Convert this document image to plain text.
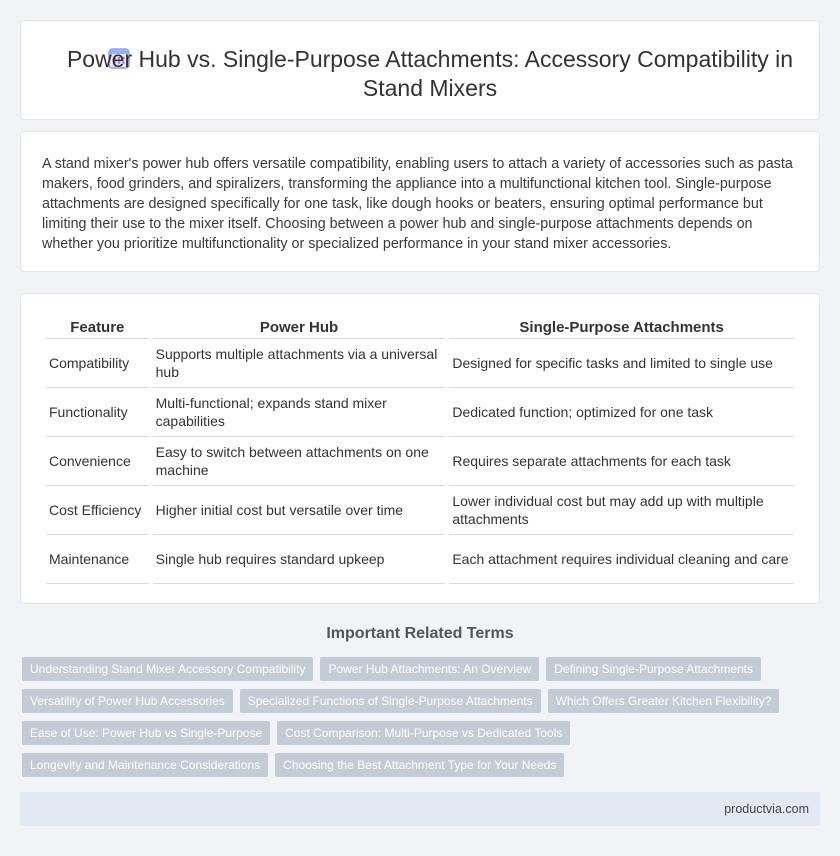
Power Hub vs. Single-Purpose Attachments: Accessory Compatibility in Stand Mixers

A stand mixer's power hub offers versatile compatibility, enabling users to attach a variety of accessories such as pasta makers, food grinders, and spiralizers, transforming the appliance into a multifunctional kitchen tool. Single-purpose attachments are designed specifically for one task, like dough hooks or beaters, ensuring optimal performance but limiting their use to the mixer itself. Choosing between a power hub and single-purpose attachments depends on whether you prioritize multifunctionality or specialized performance in your stand mixer accessories.

Feature	Power Hub	Single-Purpose Attachments
Compatibility	Supports multiple attachments via a universal hub	Designed for specific tasks and limited to single use
Functionality	Multi-functional; expands stand mixer capabilities	Dedicated function; optimized for one task
Convenience	Easy to switch between attachments on one machine	Requires separate attachments for each task
Cost Efficiency	Higher initial cost but versatile over time	Lower individual cost but may add up with multiple attachments
Maintenance	Single hub requires standard upkeep	Each attachment requires individual cleaning and care
Important Related Terms
Understanding Stand Mixer Accessory Compatibility	Power Hub Attachments: An Overview	Defining Single-Purpose Attachments
Versatility of Power Hub Accessories	Specialized Functions of Single-Purpose Attachments	Which Offers Greater Kitchen Flexibility?
Ease of Use: Power Hub vs Single-Purpose	Cost Comparison: Multi-Purpose vs Dedicated Tools
Longevity and Maintenance Considerations	Choosing the Best Attachment Type for Your Needs
productvia.com
